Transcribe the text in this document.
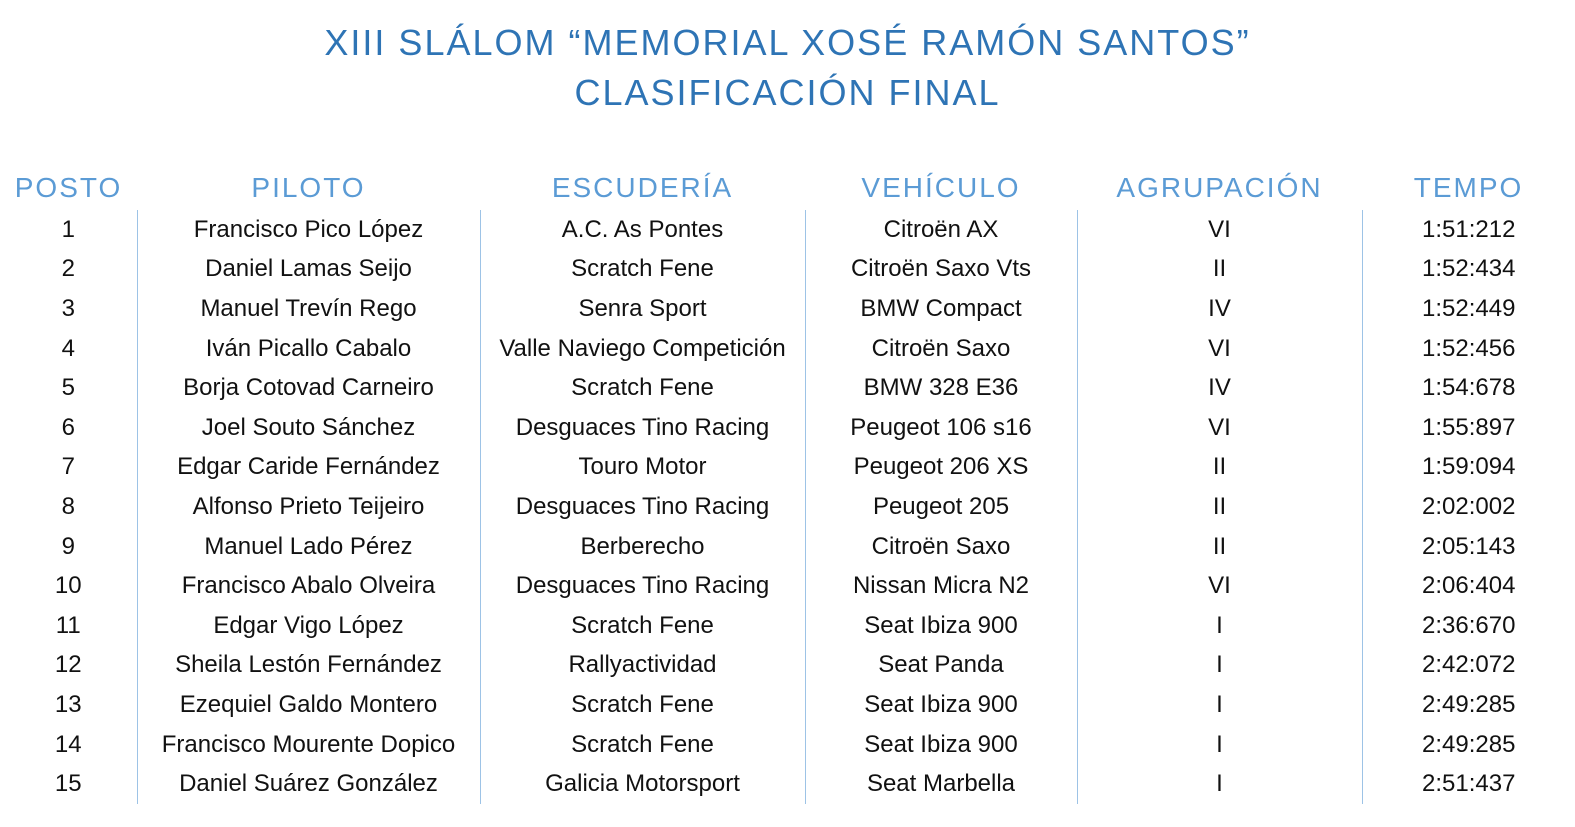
XIII SLÁLOM “MEMORIAL XOSÉ RAMÓN SANTOS”
CLASIFICACIÓN FINAL
POSTO	PILOTO	ESCUDERÍA	VEHÍCULO	AGRUPACIÓN	TEMPO
1	Francisco Pico López	A.C. As Pontes	Citroën AX	VI	1:51:212
2	Daniel Lamas Seijo	Scratch Fene	Citroën Saxo Vts	II	1:52:434
3	Manuel Trevín Rego	Senra Sport	BMW Compact	IV	1:52:449
4	Iván Picallo Cabalo	Valle Naviego Competición	Citroën Saxo	VI	1:52:456
5	Borja Cotovad Carneiro	Scratch Fene	BMW 328 E36	IV	1:54:678
6	Joel Souto Sánchez	Desguaces Tino Racing	Peugeot 106 s16	VI	1:55:897
7	Edgar Caride Fernández	Touro Motor	Peugeot 206 XS	II	1:59:094
8	Alfonso Prieto Teijeiro	Desguaces Tino Racing	Peugeot 205	II	2:02:002
9	Manuel Lado Pérez	Berberecho	Citroën Saxo	II	2:05:143
10	Francisco Abalo Olveira	Desguaces Tino Racing	Nissan Micra N2	VI	2:06:404
11	Edgar Vigo López	Scratch Fene	Seat Ibiza 900	I	2:36:670
12	Sheila Lestón Fernández	Rallyactividad	Seat Panda	I	2:42:072
13	Ezequiel Galdo Montero	Scratch Fene	Seat Ibiza 900	I	2:49:285
14	Francisco Mourente Dopico	Scratch Fene	Seat Ibiza 900	I	2:49:285
15	Daniel Suárez González	Galicia Motorsport	Seat Marbella	I	2:51:437
